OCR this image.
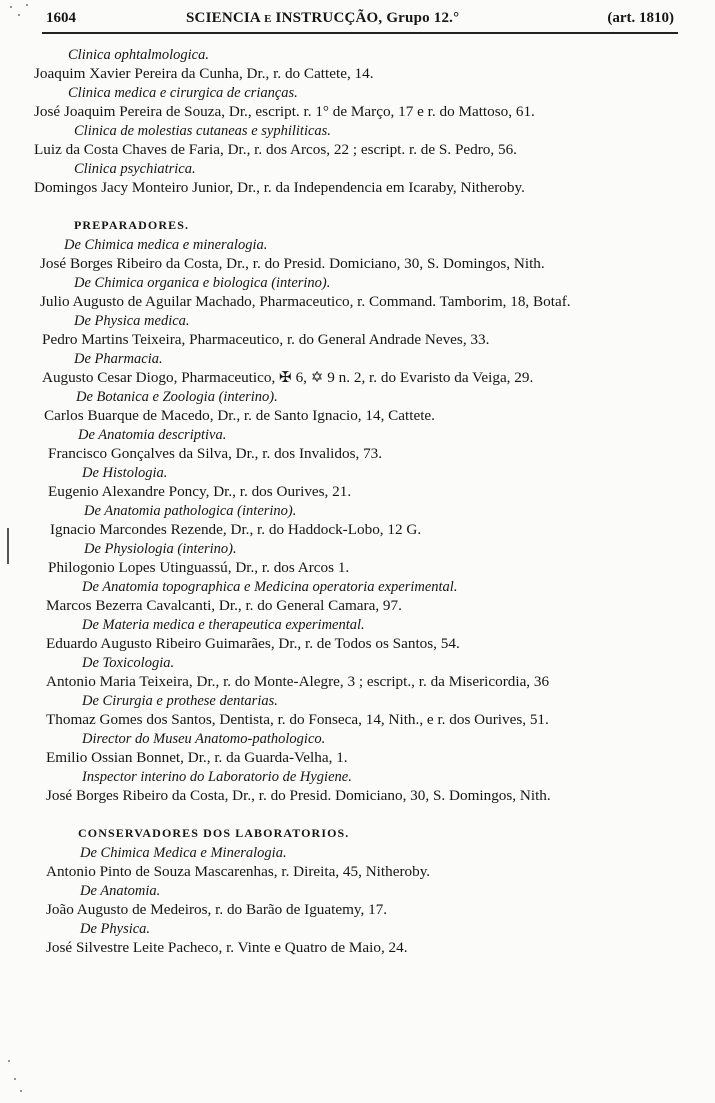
1604	SCIENCIA e INSTRUCÇÃO, Grupo 12.°	(art. 1810)
Clinica ophtalmologica.
Joaquim Xavier Pereira da Cunha, Dr., r. do Cattete, 14.
Clinica medica e cirurgica de crianças.
José Joaquim Pereira de Souza, Dr., escript. r. 1° de Março, 17 e r. do Mattoso, 61.
Clinica de molestias cutaneas e syphiliticas.
Luiz da Costa Chaves de Faria, Dr., r. dos Arcos, 22 ; escript. r. de S. Pedro, 56.
Clinica psychiatrica.
Domingos Jacy Monteiro Junior, Dr., r. da Independencia em Icaraby, Nitheroby.
PREPARADORES.
De Chimica medica e mineralogia.
José Borges Ribeiro da Costa, Dr., r. do Presid. Domiciano, 30, S. Domingos, Nith.
De Chimica organica e biologica (interino).
Julio Augusto de Aguilar Machado, Pharmaceutico, r. Command. Tamborim, 18, Botaf.
De Physica medica.
Pedro Martins Teixeira, Pharmaceutico, r. do General Andrade Neves, 33.
De Pharmacia.
Augusto Cesar Diogo, Pharmaceutico, ✠ 6, ✡ 9 n. 2, r. do Evaristo da Veiga, 29.
De Botanica e Zoologia (interino).
Carlos Buarque de Macedo, Dr., r. de Santo Ignacio, 14, Cattete.
De Anatomia descriptiva.
Francisco Gonçalves da Silva, Dr., r. dos Invalidos, 73.
De Histologia.
Eugenio Alexandre Poncy, Dr., r. dos Ourives, 21.
De Anatomia pathologica (interino).
Ignacio Marcondes Rezende, Dr., r. do Haddock-Lobo, 12 G.
De Physiologia (interino).
Philogonio Lopes Utinguassú, Dr., r. dos Arcos 1.
De Anatomia topographica e Medicina operatoria experimental.
Marcos Bezerra Cavalcanti, Dr., r. do General Camara, 97.
De Materia medica e therapeutica experimental.
Eduardo Augusto Ribeiro Guimarães, Dr., r. de Todos os Santos, 54.
De Toxicologia.
Antonio Maria Teixeira, Dr., r. do Monte-Alegre, 3 ; escript., r. da Misericordia, 36
De Cirurgia e prothese dentarias.
Thomaz Gomes dos Santos, Dentista, r. do Fonseca, 14, Nith., e r. dos Ourives, 51.
Director do Museu Anatomo-pathologico.
Emilio Ossian Bonnet, Dr., r. da Guarda-Velha, 1.
Inspector interino do Laboratorio de Hygiene.
José Borges Ribeiro da Costa, Dr., r. do Presid. Domiciano, 30, S. Domingos, Nith.
CONSERVADORES DOS LABORATORIOS.
De Chimica Medica e Mineralogia.
Antonio Pinto de Souza Mascarenhas, r. Direita, 45, Nitheroby.
De Anatomia.
João Augusto de Medeiros, r. do Barão de Iguatemy, 17.
De Physica.
José Silvestre Leite Pacheco, r. Vinte e Quatro de Maio, 24.
